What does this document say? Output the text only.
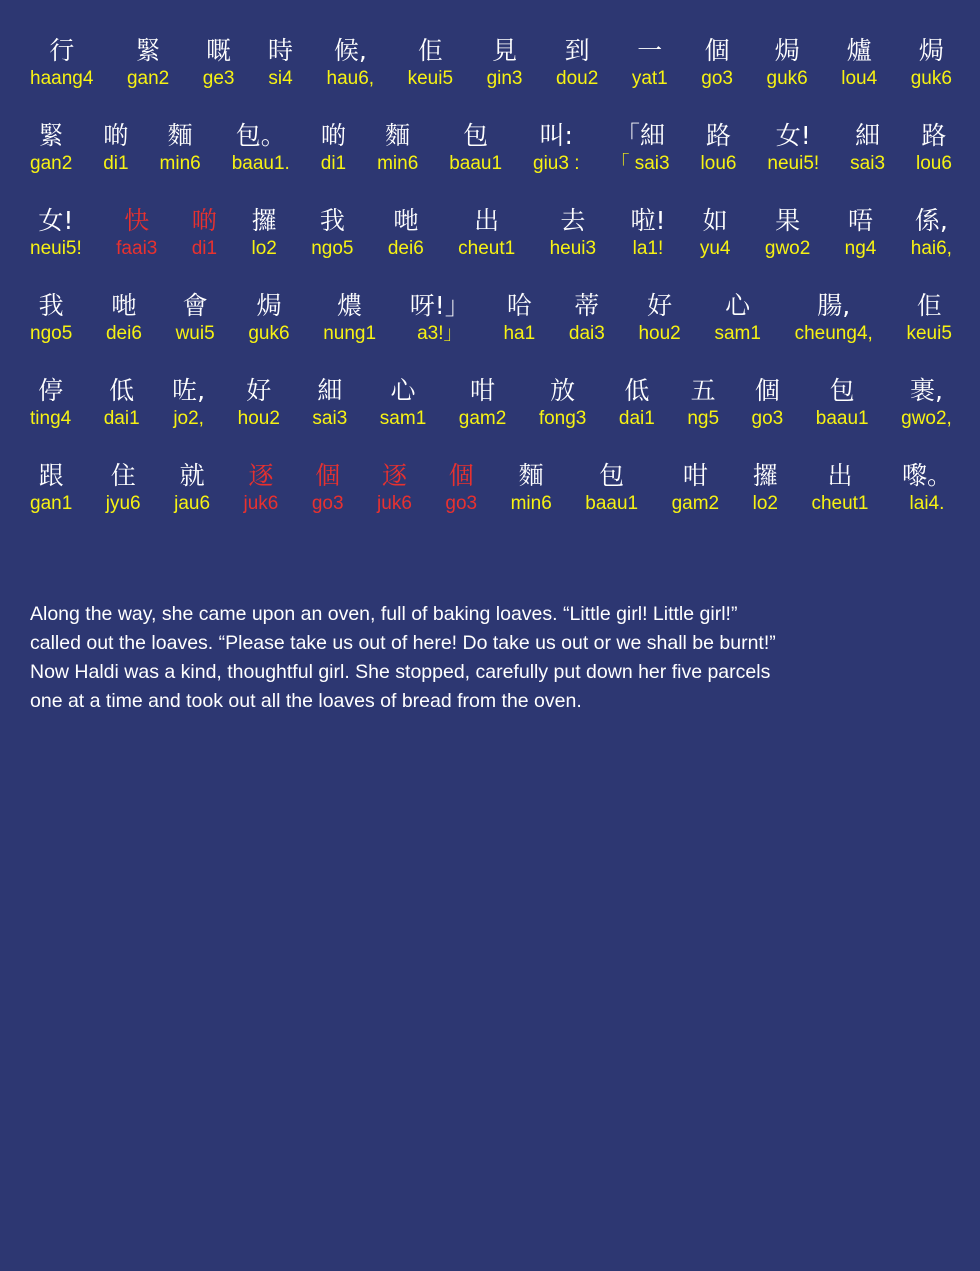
行
haang4
緊
gan2
嘅
ge3
時
si4
候,
hau6,
佢
keui5
見
gin3
到
dou2
一
yat1
個
go3
焗
guk6
爐
lou4
焗
guk6
緊
gan2
啲
di1
麵
min6
包。
baau1.
啲
di1
麵
min6
包
baau1
叫:
giu3 :
「細
「 sai3
路
lou6
女!
neui5!
細
sai3
路
lou6
女!
neui5!
快
faai3
啲
di1
攞
lo2
我
ngo5
哋
dei6
出
cheut1
去
heui3
啦!
la1!
如
yu4
果
gwo2
唔
ng4
係,
hai6,
我
ngo5
哋
dei6
會
wui5
焗
guk6
燶
nung1
呀!」
a3!」
哈
ha1
蒂
dai3
好
hou2
心
sam1
腸,
cheung4,
佢
keui5
停
ting4
低
dai1
咗,
jo2,
好
hou2
細
sai3
心
sam1
咁
gam2
放
fong3
低
dai1
五
ng5
個
go3
包
baau1
裹,
gwo2,
跟
gan1
住
jyu6
就
jau6
逐
juk6
個
go3
逐
juk6
個
go3
麵
min6
包
baau1
咁
gam2
攞
lo2
出
cheut1
嚟。
lai4.

Along the way, she came upon an oven, full of baking loaves. “Little girl! Little girl!”
called out the loaves. “Please take us out of here! Do take us out or we shall be burnt!”
Now Haldi was a kind, thoughtful girl. She stopped, carefully put down her five parcels
one at a time and took out all the loaves of bread from the oven.
